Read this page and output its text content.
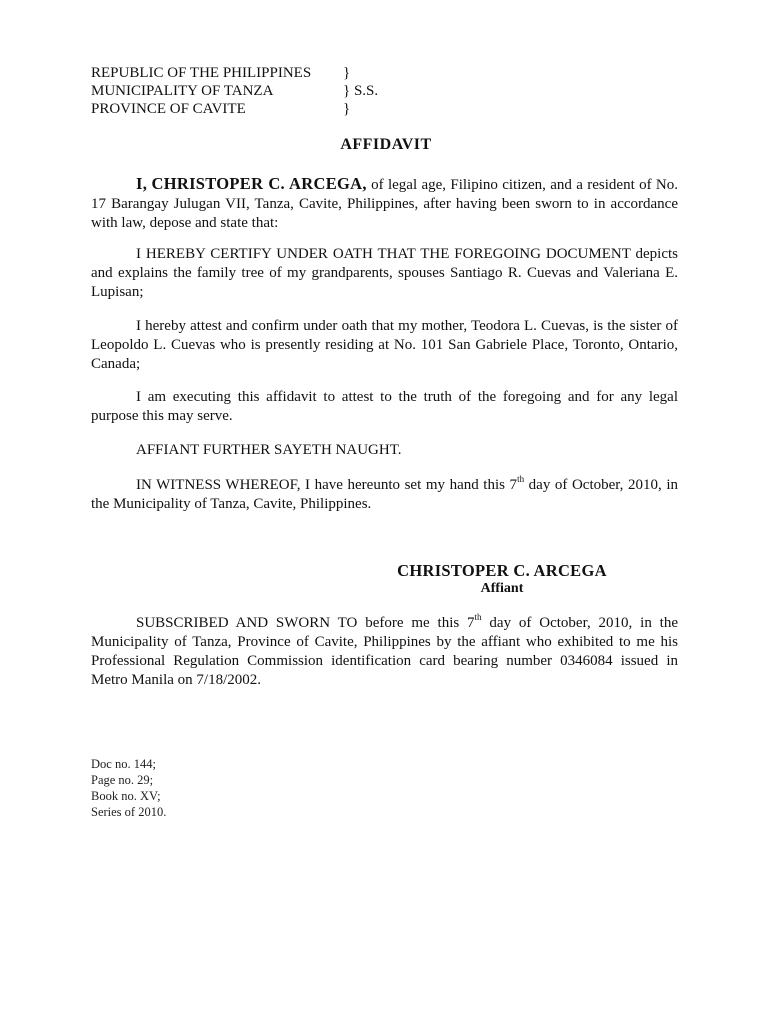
REPUBLIC OF THE PHILIPPINES }
MUNICIPALITY OF TANZA	} S.S.
PROVINCE OF CAVITE	}
AFFIDAVIT

I, CHRISTOPER C. ARCEGA, of legal age, Filipino citizen, and a resident of No. 17 Barangay Julugan VII, Tanza, Cavite, Philippines, after having been sworn to in accordance with law, depose and state that:

I HEREBY CERTIFY UNDER OATH THAT THE FOREGOING DOCUMENT depicts and explains the family tree of my grandparents, spouses Santiago R. Cuevas and Valeriana E. Lupisan;

I hereby attest and confirm under oath that my mother, Teodora L. Cuevas, is the sister of Leopoldo L. Cuevas who is presently residing at No. 101 San Gabriele Place, Toronto, Ontario, Canada;

I am executing this affidavit to attest to the truth of the foregoing and for any legal purpose this may serve.

AFFIANT FURTHER SAYETH NAUGHT.

IN WITNESS WHEREOF, I have hereunto set my hand this 7th day of October, 2010, in the Municipality of Tanza, Cavite, Philippines.

CHRISTOPER C. ARCEGA
Affiant

SUBSCRIBED AND SWORN TO before me this 7th day of October, 2010, in the Municipality of Tanza, Province of Cavite, Philippines by the affiant who exhibited to me his Professional Regulation Commission identification card bearing number 0346084 issued in Metro Manila on 7/18/2002.

Doc no. 144;
Page no. 29;
Book no. XV;
Series of 2010.
